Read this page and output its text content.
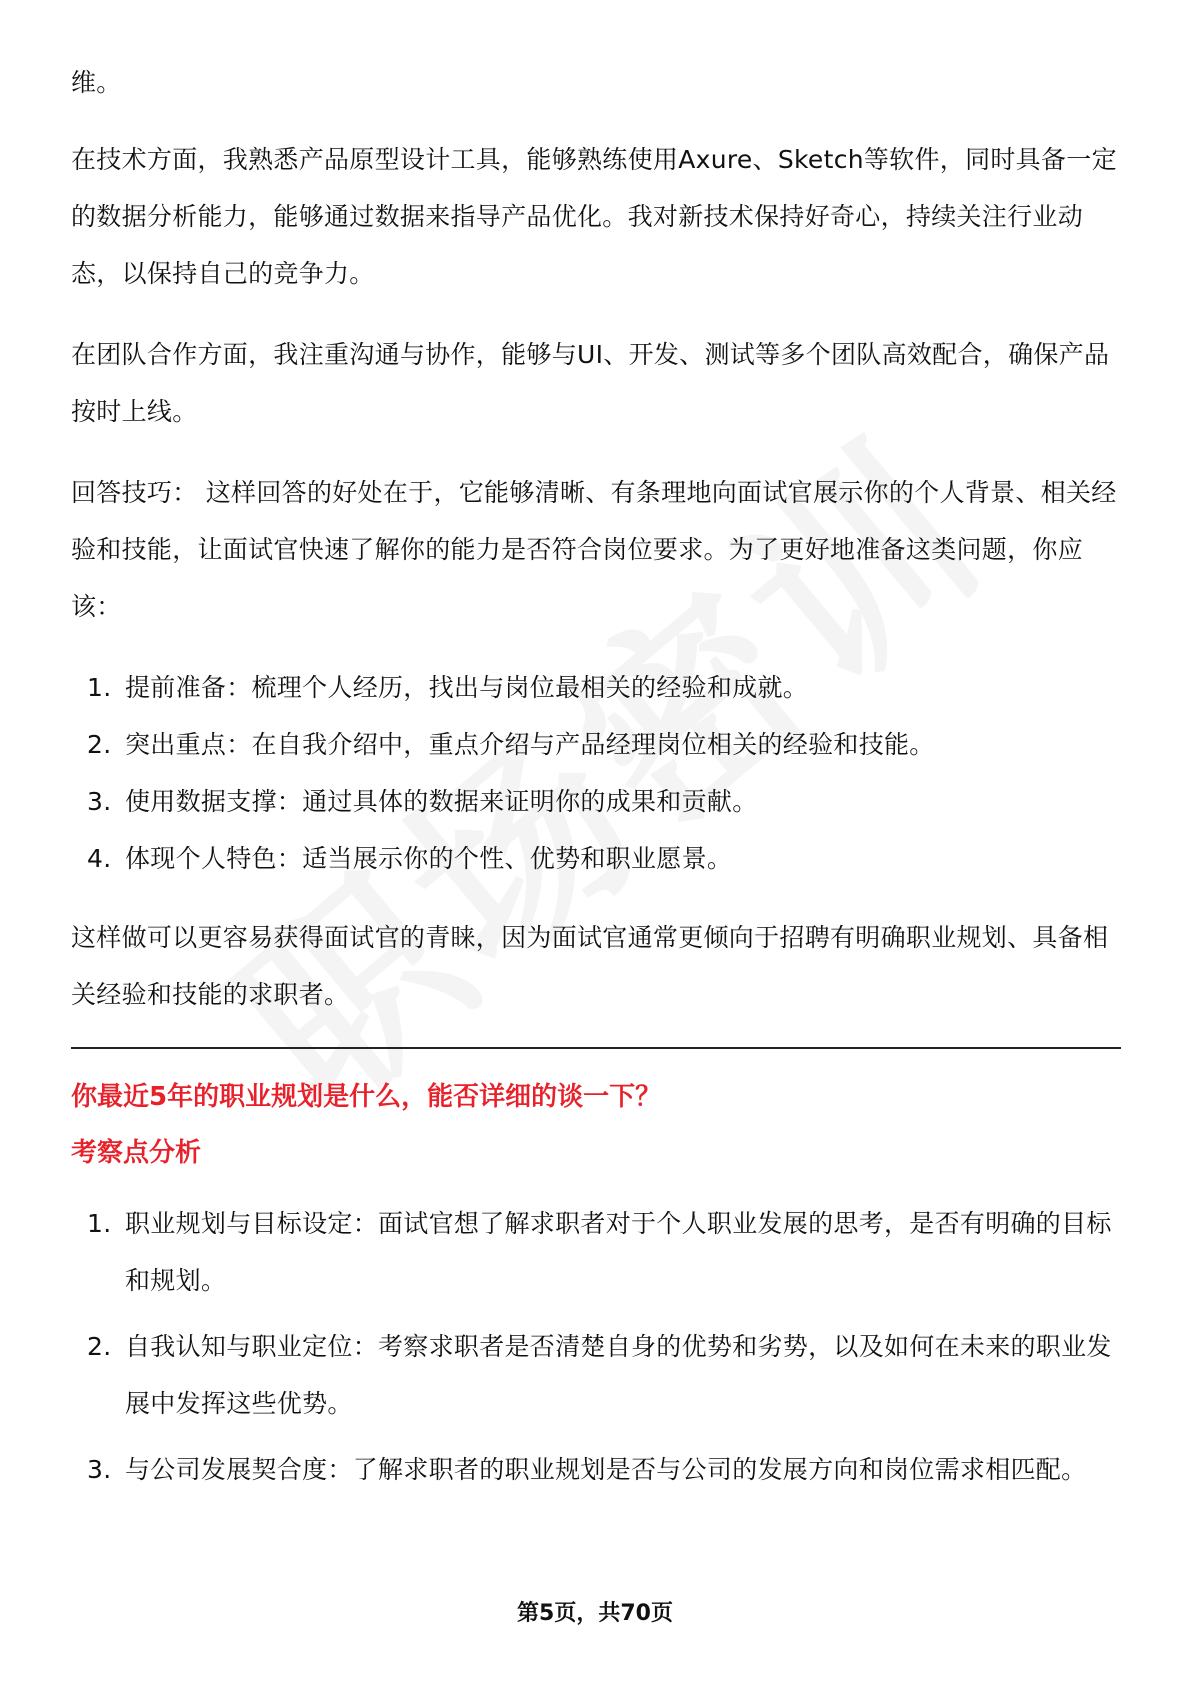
维。

在技术方面，我熟悉产品原型设计工具，能够熟练使用Axure、Sketch等软件，同时具备一定的数据分析能力，能够通过数据来指导产品优化。我对新技术保持好奇心，持续关注行业动态，以保持自己的竞争力。

在团队合作方面，我注重沟通与协作，能够与UI、开发、测试等多个团队高效配合，确保产品按时上线。

回答技巧： 这样回答的好处在于，它能够清晰、有条理地向面试官展示你的个人背景、相关经验和技能，让面试官快速了解你的能力是否符合岗位要求。为了更好地准备这类问题，你应该：

1. 提前准备：梳理个人经历，找出与岗位最相关的经验和成就。
2. 突出重点：在自我介绍中，重点介绍与产品经理岗位相关的经验和技能。
3. 使用数据支撑：通过具体的数据来证明你的成果和贡献。
4. 体现个人特色：适当展示你的个性、优势和职业愿景。

这样做可以更容易获得面试官的青睐，因为面试官通常更倾向于招聘有明确职业规划、具备相关经验和技能的求职者。

你最近5年的职业规划是什么，能否详细的谈一下？
考察点分析
1. 职业规划与目标设定：面试官想了解求职者对于个人职业发展的思考，是否有明确的目标和规划。
2. 自我认知与职业定位：考察求职者是否清楚自身的优势和劣势，以及如何在未来的职业发展中发挥这些优势。
3. 与公司发展契合度：了解求职者的职业规划是否与公司的发展方向和岗位需求相匹配。
第5页，共70页
